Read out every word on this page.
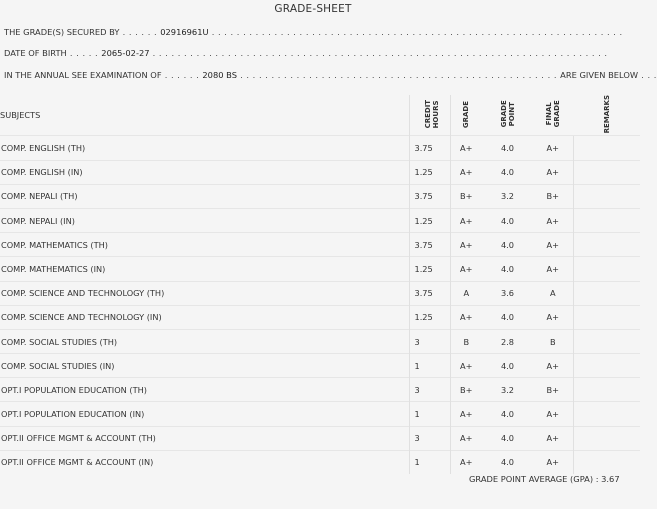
GRADE-SHEET
THE GRADE(S) SECURED BY . . . . . . 02916961U . . . . . . . . . . . . . . . . . . . . . . . . . . . . . . . . . . . . . . . . . . . . . . . . . . . . . . . . . . . . . . . . . .
DATE OF BIRTH . . . . . 2065-02-27 . . . . . . . . . . . . . . . . . . . . . . . . . . . . . . . . . . . . . . . . . . . . . . . . . . . . . . . . . . . . . . . . . . . . . . . . .
IN THE ANNUAL SEE EXAMINATION OF . . . . . . 2080 BS . . . . . . . . . . . . . . . . . . . . . . . . . . . . . . . . . . . . . . . . . . . . . . . . . . . ARE GIVEN BELOW . . .
SUBJECTS	CREDIT HOURS	GRADE	GRADE POINT	FINAL GRADE	REMARKS
COMP. ENGLISH (TH)	3.75	A+	4.0	A+	
COMP. ENGLISH (IN)	1.25	A+	4.0	A+	
COMP. NEPALI (TH)	3.75	B+	3.2	B+	
COMP. NEPALI (IN)	1.25	A+	4.0	A+	
COMP. MATHEMATICS (TH)	3.75	A+	4.0	A+	
COMP. MATHEMATICS (IN)	1.25	A+	4.0	A+	
COMP. SCIENCE AND TECHNOLOGY (TH)	3.75	A	3.6	A	
COMP. SCIENCE AND TECHNOLOGY (IN)	1.25	A+	4.0	A+	
COMP. SOCIAL STUDIES (TH)	3	B	2.8	B	
COMP. SOCIAL STUDIES (IN)	1	A+	4.0	A+	
OPT.I POPULATION EDUCATION (TH)	3	B+	3.2	B+	
OPT.I POPULATION EDUCATION (IN)	1	A+	4.0	A+	
OPT.II OFFICE MGMT & ACCOUNT (TH)	3	A+	4.0	A+	
OPT.II OFFICE MGMT & ACCOUNT (IN)	1	A+	4.0	A+	
GRADE POINT AVERAGE (GPA) : 3.67
